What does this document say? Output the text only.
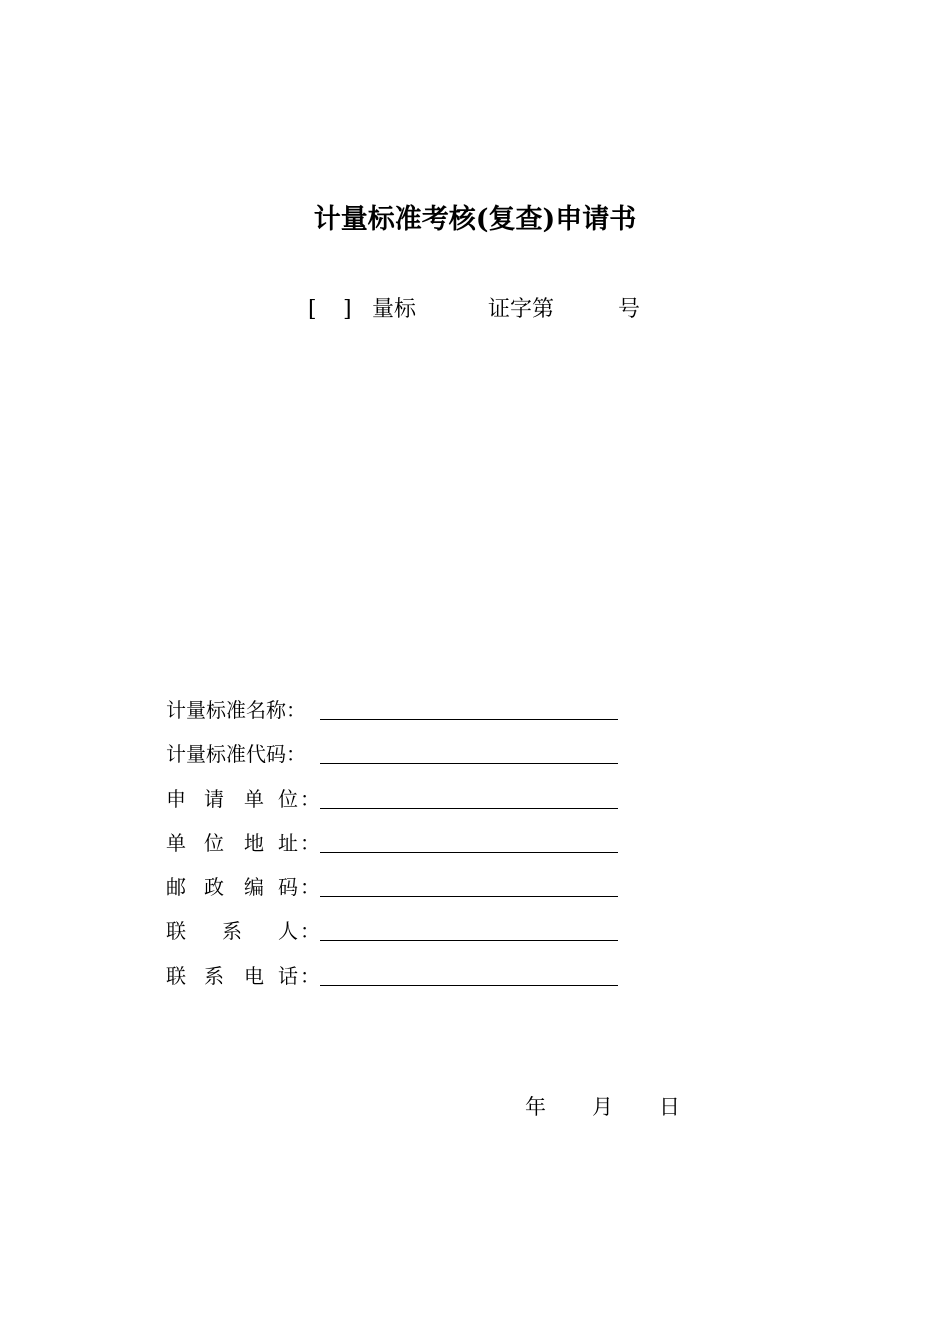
计量标准考核(复查)申请书
[ ] 量标	证字第	号
计量标准名称：
计量标准代码：
申 请 单 位 ：
单 位 地 址 ：
邮 政 编 码 ：
联 系 人 ：
联 系 电 话 ：
年 月 日
